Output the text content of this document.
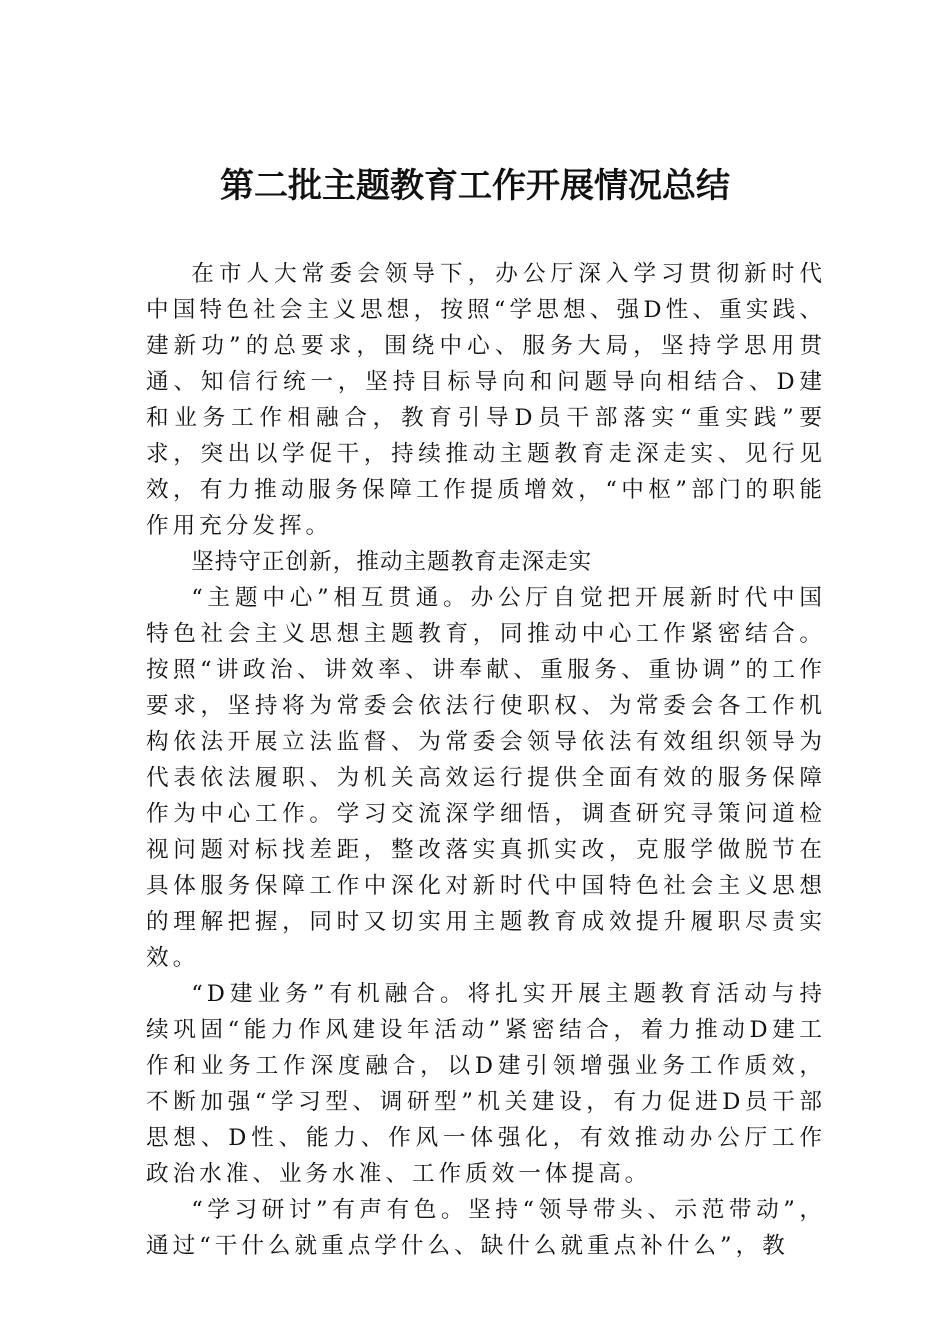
第二批主题教育工作开展情况总结

在市人大常委会领导下，办公厅深入学习贯彻新时代中国特色社会主义思想，按照“学思想、强D性、重实践、建新功”的总要求，围绕中心、服务大局，坚持学思用贯通、知信行统一，坚持目标导向和问题导向相结合、D建和业务工作相融合，教育引导D员干部落实“重实践”要求，突出以学促干，持续推动主题教育走深走实、见行见效，有力推动服务保障工作提质增效，“中枢”部门的职能作用充分发挥。

坚持守正创新，推动主题教育走深走实

“主题中心”相互贯通。办公厅自觉把开展新时代中国特色社会主义思想主题教育，同推动中心工作紧密结合。按照“讲政治、讲效率、讲奉献、重服务、重协调”的工作要求，坚持将为常委会依法行使职权、为常委会各工作机构依法开展立法监督、为常委会领导依法有效组织领导为代表依法履职、为机关高效运行提供全面有效的服务保障作为中心工作。学习交流深学细悟，调查研究寻策问道检视问题对标找差距，整改落实真抓实改，克服学做脱节在具体服务保障工作中深化对新时代中国特色社会主义思想的理解把握，同时又切实用主题教育成效提升履职尽责实效。

“D建业务”有机融合。将扎实开展主题教育活动与持续巩固“能力作风建设年活动”紧密结合，着力推动D建工作和业务工作深度融合，以D建引领增强业务工作质效，不断加强“学习型、调研型”机关建设，有力促进D员干部思想、D性、能力、作风一体强化，有效推动办公厅工作政治水准、业务水准、工作质效一体提高。

“学习研讨”有声有色。坚持“领导带头、示范带动”，通过“干什么就重点学什么、缺什么就重点补什么”，教
